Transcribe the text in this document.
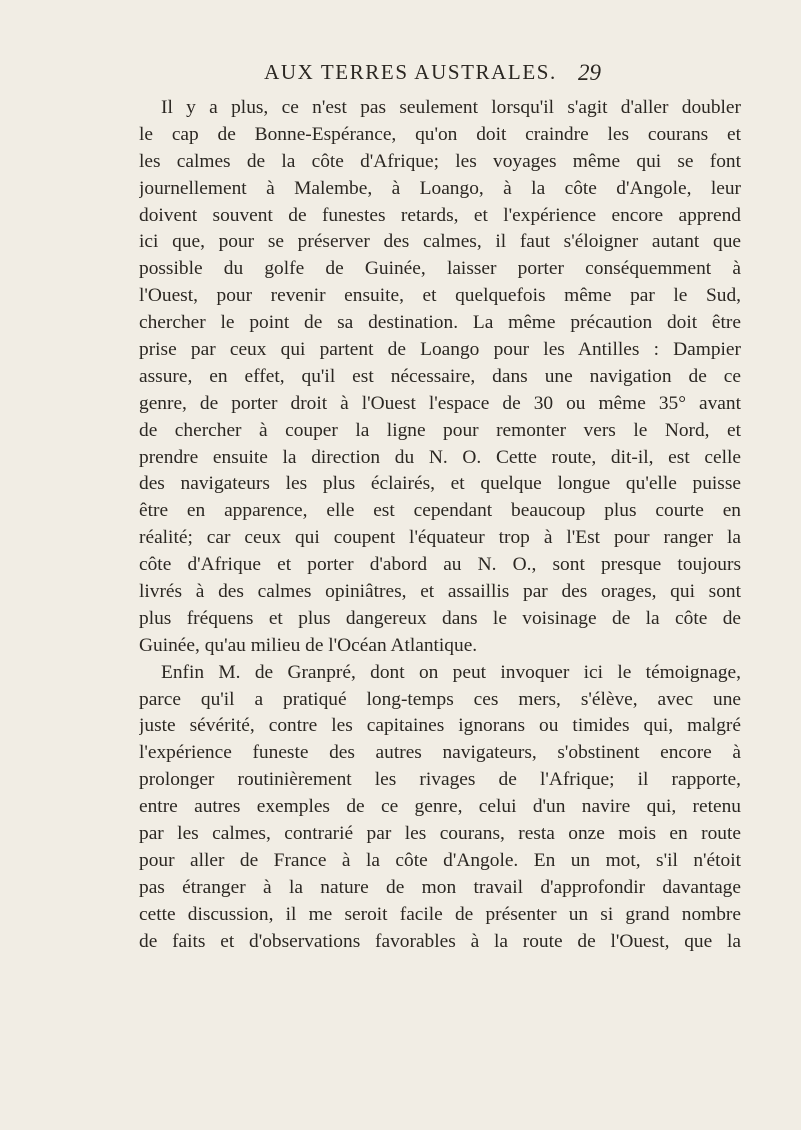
AUX TERRES AUSTRALES. 29
Il y a plus, ce n'est pas seulement lorsqu'il s'agit d'aller doubler
le cap de Bonne-Espérance, qu'on doit craindre les courans et
les calmes de la côte d'Afrique; les voyages même qui se font
journellement à Malembe, à Loango, à la côte d'Angole, leur
doivent souvent de funestes retards, et l'expérience encore apprend
ici que, pour se préserver des calmes, il faut s'éloigner autant que
possible du golfe de Guinée, laisser porter conséquemment à
l'Ouest, pour revenir ensuite, et quelquefois même par le Sud,
chercher le point de sa destination. La même précaution doit être
prise par ceux qui partent de Loango pour les Antilles : Dampier
assure, en effet, qu'il est nécessaire, dans une navigation de ce
genre, de porter droit à l'Ouest l'espace de 30 ou même 35° avant
de chercher à couper la ligne pour remonter vers le Nord, et
prendre ensuite la direction du N. O. Cette route, dit-il, est celle
des navigateurs les plus éclairés, et quelque longue qu'elle puisse
être en apparence, elle est cependant beaucoup plus courte en
réalité; car ceux qui coupent l'équateur trop à l'Est pour ranger la
côte d'Afrique et porter d'abord au N. O., sont presque toujours
livrés à des calmes opiniâtres, et assaillis par des orages, qui sont
plus fréquens et plus dangereux dans le voisinage de la côte de
Guinée, qu'au milieu de l'Océan Atlantique.
Enfin M. de Granpré, dont on peut invoquer ici le témoignage,
parce qu'il a pratiqué long-temps ces mers, s'élève, avec une
juste sévérité, contre les capitaines ignorans ou timides qui, malgré
l'expérience funeste des autres navigateurs, s'obstinent encore à
prolonger routinièrement les rivages de l'Afrique; il rapporte,
entre autres exemples de ce genre, celui d'un navire qui, retenu
par les calmes, contrarié par les courans, resta onze mois en route
pour aller de France à la côte d'Angole. En un mot, s'il n'étoit
pas étranger à la nature de mon travail d'approfondir davantage
cette discussion, il me seroit facile de présenter un si grand nombre
de faits et d'observations favorables à la route de l'Ouest, que la
